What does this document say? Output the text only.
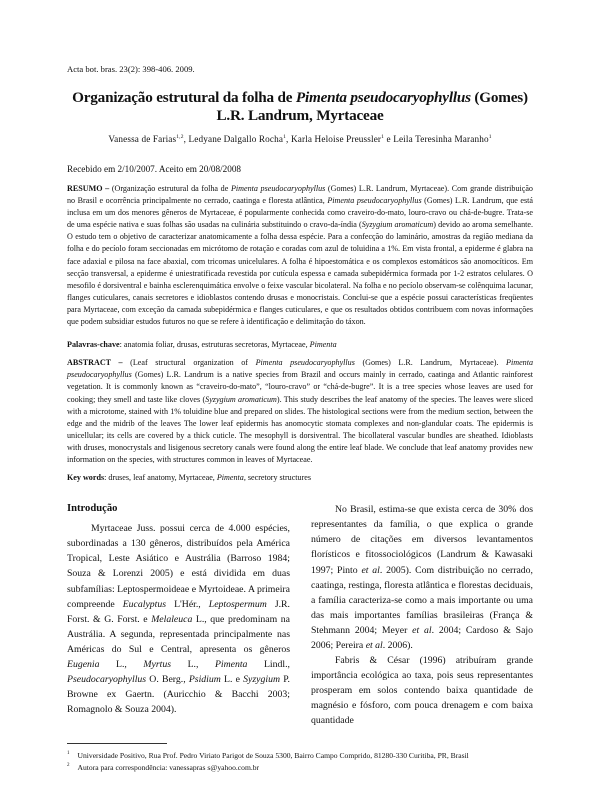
Acta bot. bras. 23(2): 398-406. 2009.
Organização estrutural da folha de Pimenta pseudocaryophyllus (Gomes)
L.R. Landrum, Myrtaceae
Vanessa de Farias$^{1,2}$, Ledyane Dalgallo Rocha$^1$, Karla Heloise Preussler$^1$ e Leila Teresinha Maranho$^1$
Recebido em 2/10/2007. Aceito em 20/08/2008
RESUMO – (Organização estrutural da folha de Pimenta pseudocaryophyllus (Gomes) L.R. Landrum, Myrtaceae). Com grande distribuição no Brasil e ocorrência principalmente no cerrado, caatinga e floresta atlântica, Pimenta pseudocaryophyllus (Gomes) L.R. Landrum, que está inclusa em um dos menores gêneros de Myrtaceae, é popularmente conhecida como craveiro-do-mato, louro-cravo ou chá-de-bugre. Trata-se de uma espécie nativa e suas folhas são usadas na culinária substituindo o cravo-da-índia (Syzygium aromaticum) devido ao aroma semelhante. O estudo tem o objetivo de caracterizar anatomicamente a folha dessa espécie. Para a confecção do laminário, amostras da região mediana da folha e do pecíolo foram seccionadas em micrótomo de rotação e coradas com azul de toluidina a 1%. Em vista frontal, a epiderme é glabra na face adaxial e pilosa na face abaxial, com tricomas unicelulares. A folha é hipoestomática e os complexos estomáticos são anomocíticos. Em secção transversal, a epiderme é uniestratificada revestida por cutícula espessa e camada subepidérmica formada por 1-2 estratos celulares. O mesofilo é dorsiventral e bainha esclerenquimática envolve o feixe vascular bicolateral. Na folha e no pecíolo observam-se colênquima lacunar, flanges cuticulares, canais secretores e idioblastos contendo drusas e monocristais. Conclui-se que a espécie possui características freqüentes para Myrtaceae, com exceção da camada subepidérmica e flanges cuticulares, e que os resultados obtidos contribuem com novas informações que podem subsidiar estudos futuros no que se refere à identificação e delimitação do táxon.
Palavras-chave: anatomia foliar, drusas, estruturas secretoras, Myrtaceae, Pimenta
ABSTRACT – (Leaf structural organization of Pimenta pseudocaryophyllus (Gomes) L.R. Landrum, Myrtaceae). Pimenta pseudocaryophyllus (Gomes) L.R. Landrum is a native species from Brazil and occurs mainly in cerrado, caatinga and Atlantic rainforest vegetation. It is commonly known as “craveiro-do-mato”, “louro-cravo” or “chá-de-bugre”. It is a tree species whose leaves are used for cooking; they smell and taste like cloves (Syzygium aromaticum). This study describes the leaf anatomy of the species. The leaves were sliced with a microtome, stained with 1% toluidine blue and prepared on slides. The histological sections were from the medium section, between the edge and the midrib of the leaves The lower leaf epidermis has anomocytic stomata complexes and non-glandular coats. The epidermis is unicellular; its cells are covered by a thick cuticle. The mesophyll is dorsiventral. The bicollateral vascular bundles are sheathed. Idioblasts with druses, monocrystals and lisigenous secretory canals were found along the entire leaf blade. We conclude that leaf anatomy provides new information on the species, with structures common in leaves of Myrtaceae.
Key words: druses, leaf anatomy, Myrtaceae, Pimenta, secretory structures
Introdução

Myrtaceae Juss. possui cerca de 4.000 espécies, subordinadas a 130 gêneros, distribuídos pela América Tropical, Leste Asiático e Austrália (Barroso 1984; Souza & Lorenzi 2005) e está dividida em duas subfamílias: Leptospermoideae e Myrtoideae. A primeira compreende Eucalyptus L'Hér., Leptospermum J.R. Forst. & G. Forst. e Melaleuca L., que predominam na Austrália. A segunda, representada principalmente nas Américas do Sul e Central, apresenta os gêneros Eugenia L., Myrtus L., Pimenta Lindl., Pseudocaryophyllus O. Berg., Psidium L. e Syzygium P. Browne ex Gaertn. (Auricchio & Bacchi 2003; Romagnolo & Souza 2004).

No Brasil, estima-se que exista cerca de 30% dos representantes da família, o que explica o grande número de citações em diversos levantamentos florísticos e fitossociológicos (Landrum & Kawasaki 1997; Pinto et al. 2005). Com distribuição no cerrado, caatinga, restinga, floresta atlântica e florestas deciduais, a família caracteriza-se como a mais importante ou uma das mais importantes famílias brasileiras (França & Stehmann 2004; Meyer et al. 2004; Cardoso & Sajo 2006; Pereira et al. 2006).

Fabris & César (1996) atribuíram grande importância ecológica ao taxa, pois seus representantes prosperam em solos contendo baixa quantidade de magnésio e fósforo, com pouca drenagem e com baixa quantidade

$^1$ Universidade Positivo, Rua Prof. Pedro Viriato Parigot de Souza 5300, Bairro Campo Comprido, 81280-330 Curitiba, PR, Brasil
$^2$ Autora para correspondência: vanessapras s@yahoo.com.br
